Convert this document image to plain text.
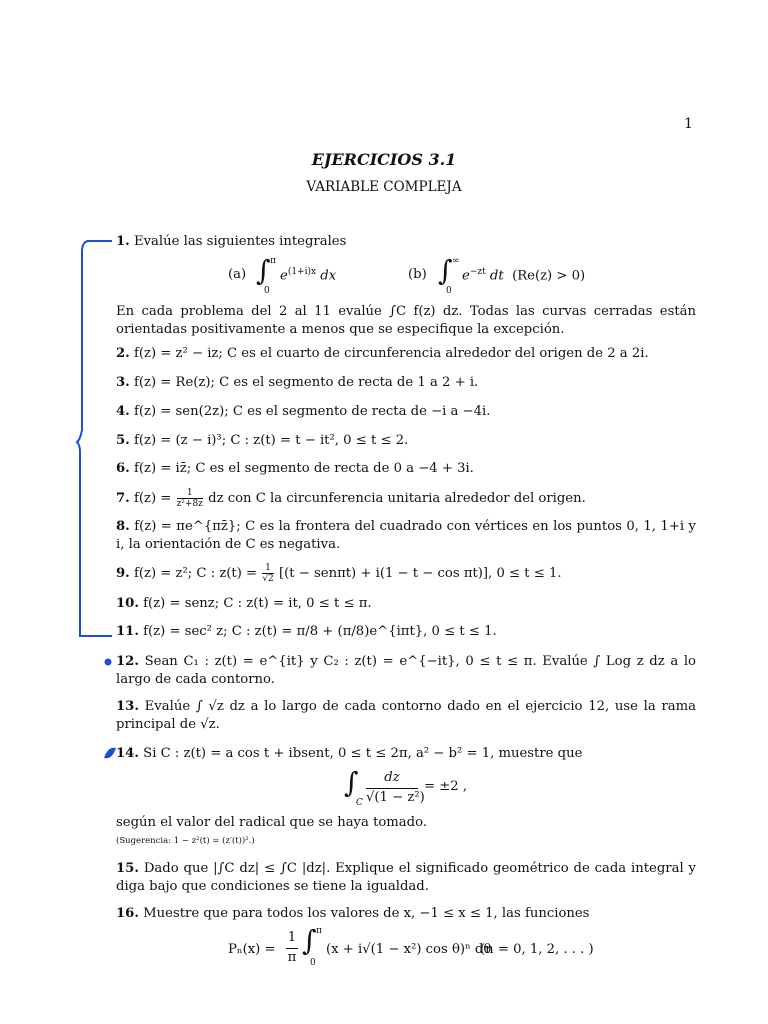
1
EJERCICIOS 3.1
VARIABLE COMPLEJA
1. Evalúe las siguientes integrales
(a) ∫ π
0
$e^{(1+i)x}$ dx	(b) ∫ ∞
0
$e^{-zt}$ dt (Re(z) > 0)
En cada problema del 2 al 11 evalúe ∫C f(z) dz. Todas las curvas cerradas están orientadas positivamente a menos que se especifique la excepción.
2. f(z) = z² − iz; C es el cuarto de circunferencia alrededor del origen de 2 a 2i.
3. f(z) = Re(z); C es el segmento de recta de 1 a 2 + i.
4. f(z) = sen(2z); C es el segmento de recta de −i a −4i.
5. f(z) = (z − i)³; C : z(t) = t − it², 0 ≤ t ≤ 2.
6. f(z) = iz̄; C es el segmento de recta de 0 a −4 + 3i.
7. $f(z) = \frac{1}{\text{z²+8z}}$ dz con C la circunferencia unitaria alrededor del origen.
8. f(z) = πe^{πz̄}; C es la frontera del cuadrado con vértices en los puntos 0, 1, 1+i y i, la orientación de C es negativa.
9. f(z) = z²; C : $z(t) = \frac{1}{√2} [(t - sen\pi t) + i(1 - t - \cos \pi t)]$, 0 ≤ t ≤ 1.
10. f(z) = senz; C : z(t) = it, 0 ≤ t ≤ π.
11. f(z) = sec² z; C : z(t) = π/8 + (π/8)e^{iπt}, 0 ≤ t ≤ 1.
12. Sean C₁ : z(t) = e^{it} y C₂ : z(t) = e^{−it}, 0 ≤ t ≤ π. Evalúe ∫ Log z dz a lo largo de cada contorno.
13. Evalúe ∫ √z dz a lo largo de cada contorno dado en el ejercicio 12, use la rama principal de √z.
14. Si C : z(t) = a cos t + ibsent, 0 ≤ t ≤ 2π, a² − b² = 1, muestre que
∫
C
dz
√(1 − z²)
= ±2 ,
según el valor del radical que se haya tomado.
(Sugerencia: 1 − z²(t) = (z′(t))².)
15. Dado que |∫C dz| ≤ ∫C |dz|. Explique el significado geométrico de cada integral y diga bajo que condiciones se tiene la igualdad.
16. Muestre que para todos los valores de x, −1 ≤ x ≤ 1, las funciones
Pₙ(x) =
1
π
∫ π
0
(x + i√(1 − x²) cos θ)ⁿ dθ
(n = 0, 1, 2, . . . )
